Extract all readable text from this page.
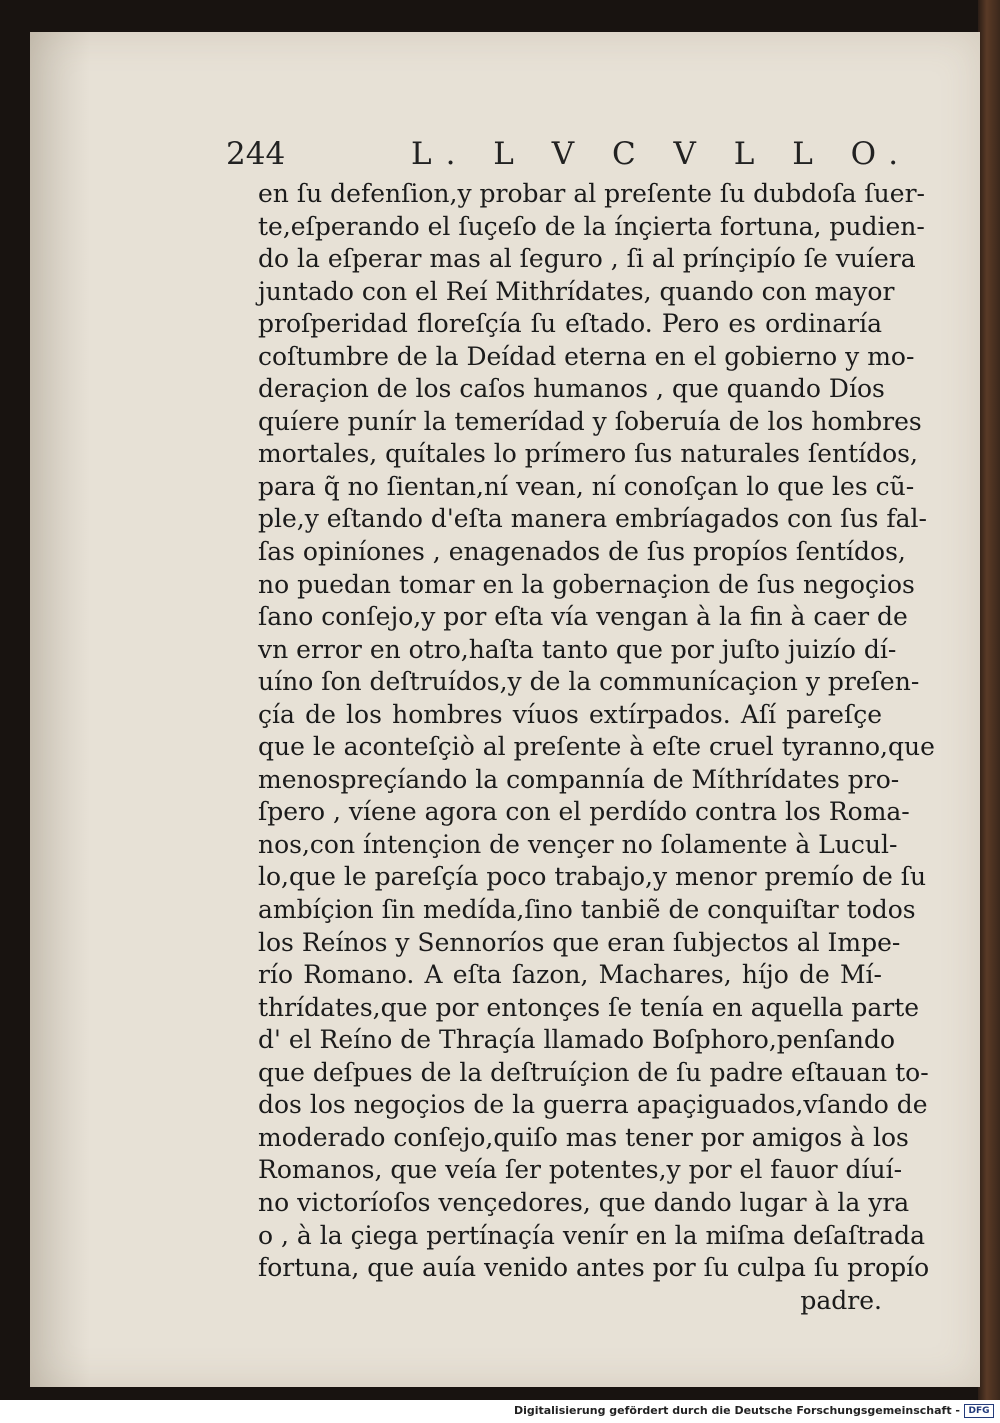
244	L. L V C V L L O.
en ſu defenſion,y probar al preſente ſu dubdoſa ſuer-
te,eſperando el ſuçeſo de la ínçierta fortuna, pudien-
do la eſperar mas al ſeguro , ſi al prínçipío ſe vuíera
juntado con el Reí Mithrídates, quando con mayor
proſperidad floreſçía ſu eſtado. Pero es ordinaría
coſtumbre de la Deídad eterna en el gobierno y mo-
deraçion de los caſos humanos , que quando Díos
quíere punír la temerídad y ſoberuía de los hombres
mortales, quítales lo prímero ſus naturales ſentídos,
para q̃ no ſientan,ní vean, ní conoſçan lo que les cũ-
ple,y eſtando d'eſta manera embríagados con ſus fal-
ſas opiníones , enagenados de ſus propíos ſentídos,
no puedan tomar en la gobernaçion de ſus negoçios
ſano conſejo,y por eſta vía vengan à la fin à caer de
vn error en otro,haſta tanto que por juſto juizío dí-
uíno ſon deſtruídos,y de la communícaçion y preſen-
çía de los hombres víuos extírpados. Aſí pareſçe
que le aconteſçiò al preſente à eſte cruel tyranno,que
menospreçíando la compannía de Míthrídates pro-
ſpero , víene agora con el perdído contra los Roma-
nos,con íntençion de vençer no ſolamente à Lucul-
lo,que le pareſçía poco trabajo,y menor premío de ſu
ambíçion ſin medída,ſino tanbiẽ de conquiſtar todos
los Reínos y Sennoríos que eran ſubjectos al Impe-
río Romano. A eſta ſazon, Machares, híjo de Mí-
thrídates,que por entonçes ſe tenía en aquella parte
d' el Reíno de Thraçía llamado Boſphoro,penſando
que deſpues de la deſtruíçion de ſu padre eſtauan to-
dos los negoçios de la guerra apaçiguados,vſando de
moderado conſejo,quiſo mas tener por amigos à los
Romanos, que veía ſer potentes,y por el fauor díuí-
no victoríoſos vençedores, que dando lugar à la yra
o , à la çiega pertínaçía venír en la miſma deſaſtrada
fortuna, que auía venido antes por ſu culpa ſu propío
padre.
Digitalisierung gefördert durch die Deutsche Forschungsgemeinschaft - DFG
